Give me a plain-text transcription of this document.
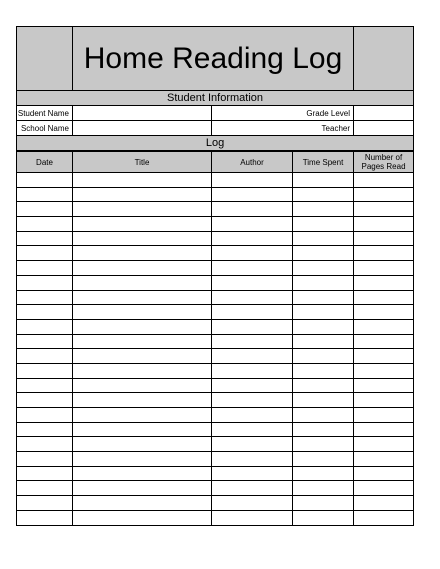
	Home Reading Log		
Student Information			
Student Name		Grade Level	
School Name		Teacher	
Log			
Date	Title	Author	Time Spent	Number of Pages Read
